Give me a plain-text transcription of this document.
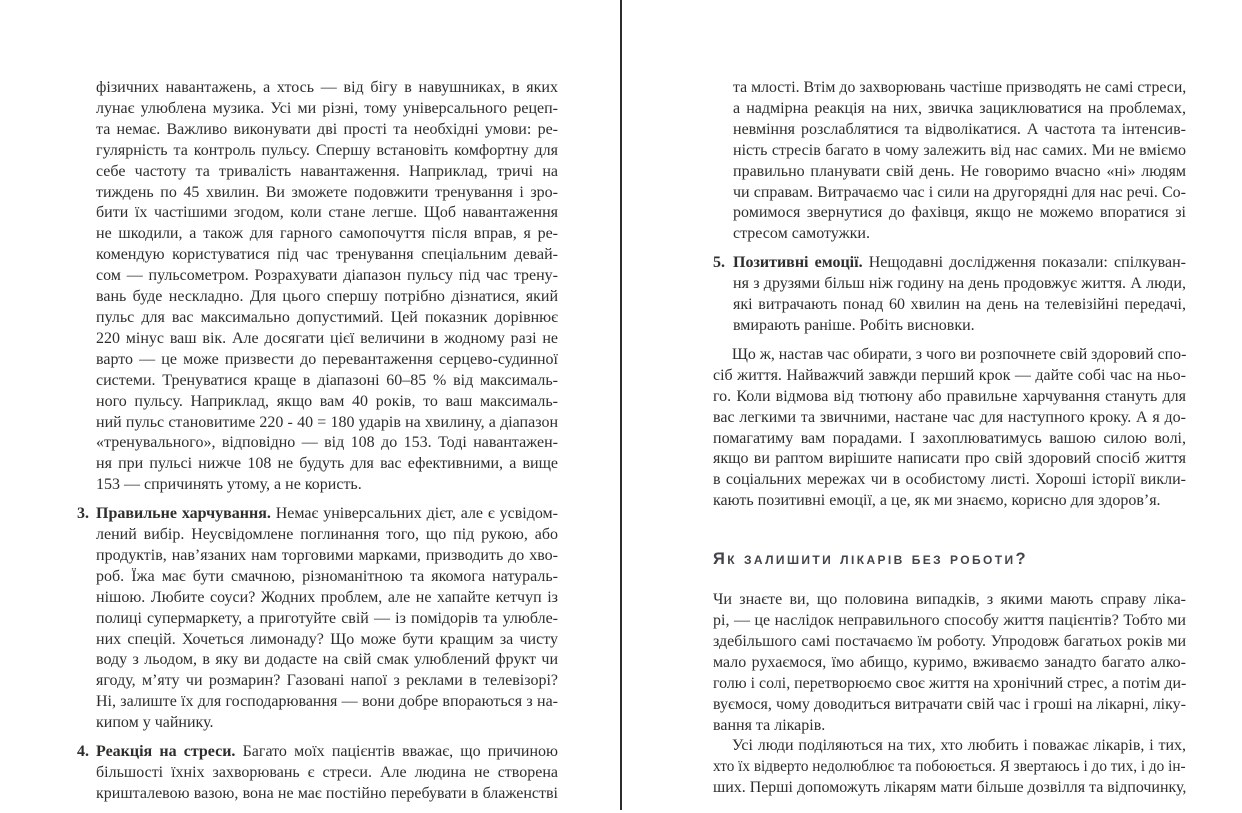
фізичних навантажень, а хтось — від бігу в навушниках, в яких
лунає улюблена музика. Усі ми різні, тому універсального рецеп-
та немає. Важливо виконувати дві прості та необхідні умови: ре-
гулярність та контроль пульсу. Спершу встановіть комфортну для
себе частоту та тривалість навантаження. Наприклад, тричі на
тиждень по 45 хвилин. Ви зможете подовжити тренування і зро-
бити їх частішими згодом, коли стане легше. Щоб навантаження
не шкодили, а також для гарного самопочуття після вправ, я ре-
комендую користуватися під час тренування спеціальним девай-
сом — пульсометром. Розрахувати діапазон пульсу під час трену-
вань буде нескладно. Для цього спершу потрібно дізнатися, який
пульс для вас максимально допустимий. Цей показник дорівнює
220 мінус ваш вік. Але досягати цієї величини в жодному разі не
варто — це може призвести до перевантаження серцево-судинної
системи. Тренуватися краще в діапазоні 60–85 % від максималь-
ного пульсу. Наприклад, якщо вам 40 років, то ваш максималь-
ний пульс становитиме 220 - 40 = 180 ударів на хвилину, а діапазон
«тренувального», відповідно — від 108 до 153. Тоді навантажен-
ня при пульсі нижче 108 не будуть для вас ефективними, а вище
153 — спричинять утому, а не користь.
3. Правильне харчування. Немає універсальних дієт, але є усвідом-
лений вибір. Неусвідомлене поглинання того, що під рукою, або
продуктів, нав’язаних нам торговими марками, призводить до хво-
роб. Їжа має бути смачною, різноманітною та якомога натураль-
нішою. Любите соуси? Жодних проблем, але не хапайте кетчуп із
полиці супермаркету, а приготуйте свій — із помідорів та улюбле-
них спецій. Хочеться лимонаду? Що може бути кращим за чисту
воду з льодом, в яку ви додасте на свій смак улюблений фрукт чи
ягоду, м’яту чи розмарин? Газовані напої з реклами в телевізорі?
Ні, залиште їх для господарювання — вони добре впораються з на-
кипом у чайнику.
4. Реакція на стреси. Багато моїх пацієнтів вважає, що причиною
більшості їхніх захворювань є стреси. Але людина не створена
кришталевою вазою, вона не має постійно перебувати в блаженстві
та млості. Втім до захворювань частіше призводять не самі стреси,
а надмірна реакція на них, звичка зациклюватися на проблемах,
невміння розслаблятися та відволікатися. А частота та інтенсив-
ність стресів багато в чому залежить від нас самих. Ми не вміємо
правильно планувати свій день. Не говоримо вчасно «ні» людям
чи справам. Витрачаємо час і сили на другорядні для нас речі. Со-
ромимося звернутися до фахівця, якщо не можемо впоратися зі
стресом самотужки.
5. Позитивні емоції. Нещодавні дослідження показали: спілкуван-
ня з друзями більш ніж годину на день продовжує життя. А люди,
які витрачають понад 60 хвилин на день на телевізійні передачі,
вмирають раніше. Робіть висновки.
Що ж, настав час обирати, з чого ви розпочнете свій здоровий спо-
сіб життя. Найважчий завжди перший крок — дайте собі час на ньо-
го. Коли відмова від тютюну або правильне харчування стануть для
вас легкими та звичними, настане час для наступного кроку. А я до-
помагатиму вам порадами. І захоплюватимусь вашою силою волі,
якщо ви раптом вирішите написати про свій здоровий спосіб життя
в соціальних мережах чи в особистому листі. Хороші історії викли-
кають позитивні емоції, а це, як ми знаємо, корисно для здоров’я.
Як залишити лікарів без роботи?
Чи знаєте ви, що половина випадків, з якими мають справу ліка-
рі, — це наслідок неправильного способу життя пацієнтів? Тобто ми
здебільшого самі постачаємо їм роботу. Упродовж багатьох років ми
мало рухаємося, їмо абищо, куримо, вживаємо занадто багато алко-
голю і солі, перетворюємо своє життя на хронічний стрес, а потім ди-
вуємося, чому доводиться витрачати свій час і гроші на лікарні, ліку-
вання та лікарів.
Усі люди поділяються на тих, хто любить і поважає лікарів, і тих,
хто їх відверто недолюблює та побоюється. Я звертаюсь і до тих, і до ін-
ших. Перші допоможуть лікарям мати більше дозвілля та відпочинку,
